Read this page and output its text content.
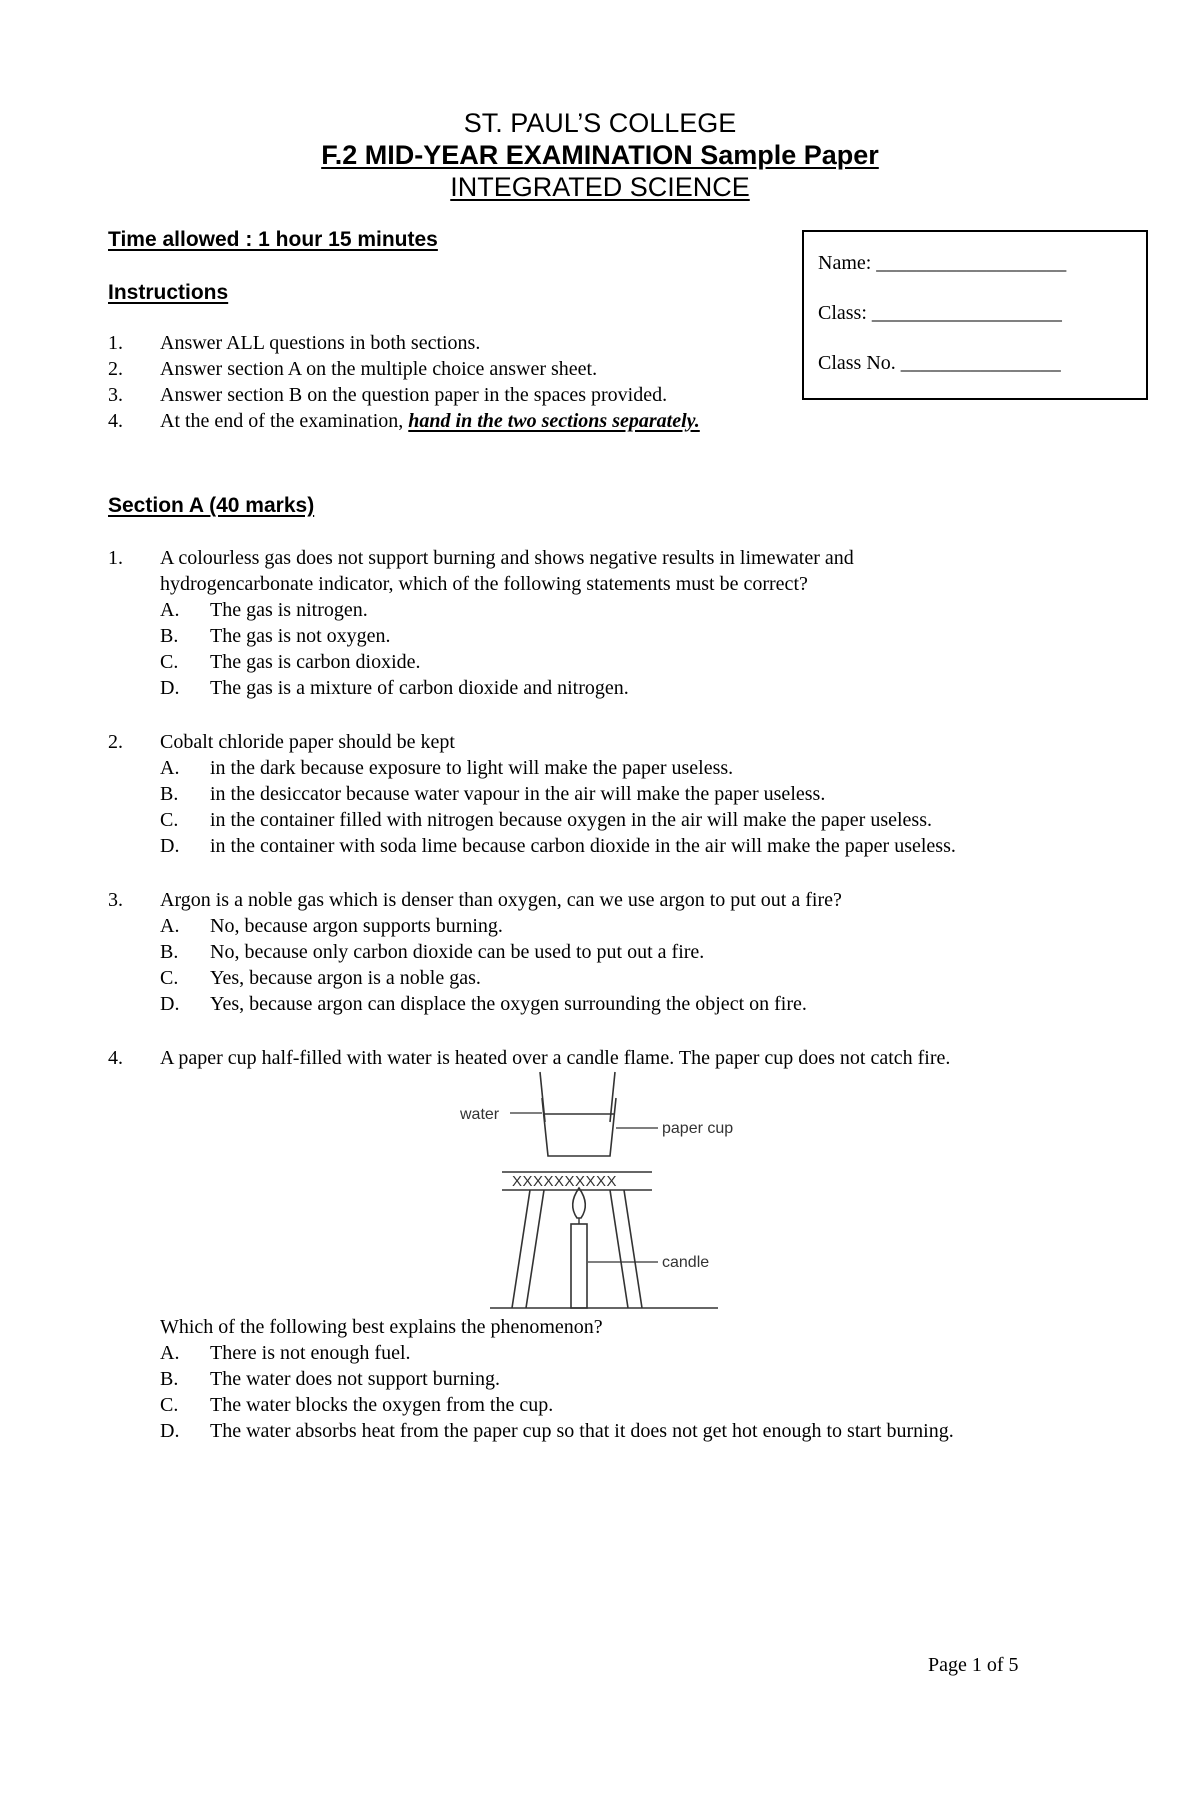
ST. PAUL’S COLLEGE
F.2 MID-YEAR EXAMINATION Sample Paper
INTEGRATED SCIENCE
Time allowed : 1 hour 15 minutes
Instructions
1. Answer ALL questions in both sections.
2. Answer section A on the multiple choice answer sheet.
3. Answer section B on the question paper in the spaces provided.
4. At the end of the examination, hand in the two sections separately.
Name: ___________________
Class: ___________________
Class No. ________________
Section A (40 marks)
1. A colourless gas does not support burning and shows negative results in limewater and
hydrogencarbonate indicator, which of the following statements must be correct?
A. The gas is nitrogen.
B. The gas is not oxygen.
C. The gas is carbon dioxide.
D. The gas is a mixture of carbon dioxide and nitrogen.
2. Cobalt chloride paper should be kept
A. in the dark because exposure to light will make the paper useless.
B. in the desiccator because water vapour in the air will make the paper useless.
C. in the container filled with nitrogen because oxygen in the air will make the paper useless.
D. in the container with soda lime because carbon dioxide in the air will make the paper useless.
3. Argon is a noble gas which is denser than oxygen, can we use argon to put out a fire?
A. No, because argon supports burning.
B. No, because only carbon dioxide can be used to put out a fire.
C. Yes, because argon is a noble gas.
D. Yes, because argon can displace the oxygen surrounding the object on fire.
4. A paper cup half-filled with water is heated over a candle flame. The paper cup does not catch fire.
water
paper cup
XXXXXXXXXX
candle
Which of the following best explains the phenomenon?
A. There is not enough fuel.
B. The water does not support burning.
C. The water blocks the oxygen from the cup.
D. The water absorbs heat from the paper cup so that it does not get hot enough to start burning.
Page 1 of 5
